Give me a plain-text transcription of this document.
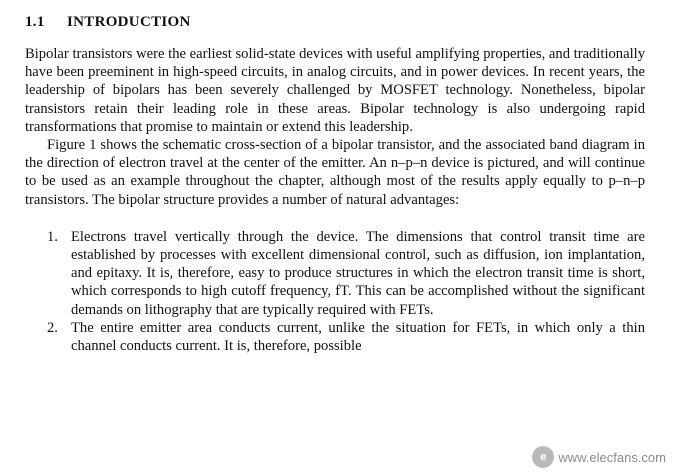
1.1 INTRODUCTION

Bipolar transistors were the earliest solid-state devices with useful amplifying properties, and traditionally have been preeminent in high-speed circuits, in analog circuits, and in power devices. In recent years, the leadership of bipolars has been severely challenged by MOSFET technology. Nonetheless, bipolar transistors retain their leading role in these areas. Bipolar technology is also undergoing rapid transformations that promise to maintain or extend this leadership.

Figure 1 shows the schematic cross-section of a bipolar transistor, and the associated band diagram in the direction of electron travel at the center of the emitter. An n–p–n device is pictured, and will continue to be used as an example throughout the chapter, although most of the results apply equally to p–n–p transistors. The bipolar structure provides a number of natural advantages:

1. Electrons travel vertically through the device. The dimensions that control transit time are established by processes with excellent dimensional control, such as diffusion, ion implantation, and epitaxy. It is, therefore, easy to produce structures in which the electron transit time is short, which corresponds to high cutoff frequency, fT. This can be accomplished without the significant demands on lithography that are typically required with FETs.
2. The entire emitter area conducts current, unlike the situation for FETs, in which only a thin channel conducts current. It is, therefore, possible
e www.elecfans.com
